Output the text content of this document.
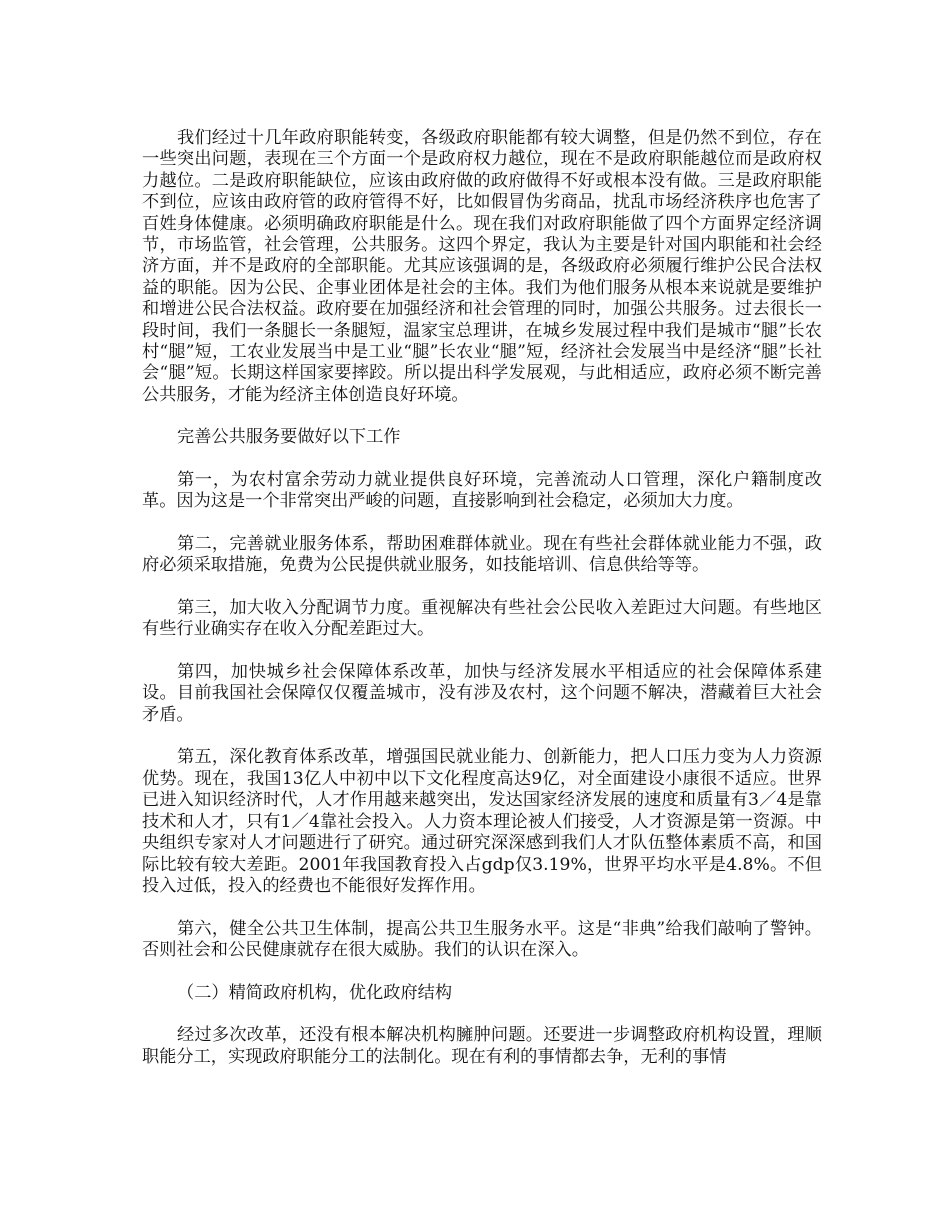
我们经过十几年政府职能转变，各级政府职能都有较大调整，但是仍然不到位，存在一些突出问题，表现在三个方面一个是政府权力越位，现在不是政府职能越位而是政府权力越位。二是政府职能缺位，应该由政府做的政府做得不好或根本没有做。三是政府职能不到位，应该由政府管的政府管得不好，比如假冒伪劣商品，扰乱市场经济秩序也危害了百姓身体健康。必须明确政府职能是什么。现在我们对政府职能做了四个方面界定经济调节，市场监管，社会管理，公共服务。这四个界定，我认为主要是针对国内职能和社会经济方面，并不是政府的全部职能。尤其应该强调的是，各级政府必须履行维护公民合法权益的职能。因为公民、企事业团体是社会的主体。我们为他们服务从根本来说就是要维护和增进公民合法权益。政府要在加强经济和社会管理的同时，加强公共服务。过去很长一段时间，我们一条腿长一条腿短，温家宝总理讲，在城乡发展过程中我们是城市“腿”长农村“腿”短，工农业发展当中是工业“腿”长农业“腿”短，经济社会发展当中是经济“腿”长社会“腿”短。长期这样国家要摔跤。所以提出科学发展观，与此相适应，政府必须不断完善公共服务，才能为经济主体创造良好环境。

完善公共服务要做好以下工作

第一，为农村富余劳动力就业提供良好环境，完善流动人口管理，深化户籍制度改革。因为这是一个非常突出严峻的问题，直接影响到社会稳定，必须加大力度。

第二，完善就业服务体系，帮助困难群体就业。现在有些社会群体就业能力不强，政府必须采取措施，免费为公民提供就业服务，如技能培训、信息供给等等。

第三，加大收入分配调节力度。重视解决有些社会公民收入差距过大问题。有些地区有些行业确实存在收入分配差距过大。

第四，加快城乡社会保障体系改革，加快与经济发展水平相适应的社会保障体系建设。目前我国社会保障仅仅覆盖城市，没有涉及农村，这个问题不解决，潜藏着巨大社会矛盾。

第五，深化教育体系改革，增强国民就业能力、创新能力，把人口压力变为人力资源优势。现在，我国13亿人中初中以下文化程度高达9亿，对全面建设小康很不适应。世界已进入知识经济时代，人才作用越来越突出，发达国家经济发展的速度和质量有3／4是靠技术和人才，只有1／4靠社会投入。人力资本理论被人们接受，人才资源是第一资源。中央组织专家对人才问题进行了研究。通过研究深深感到我们人才队伍整体素质不高，和国际比较有较大差距。2001年我国教育投入占gdp仅3.19%，世界平均水平是4.8%。不但投入过低，投入的经费也不能很好发挥作用。

第六，健全公共卫生体制，提高公共卫生服务水平。这是“非典”给我们敲响了警钟。否则社会和公民健康就存在很大威胁。我们的认识在深入。

（二）精简政府机构，优化政府结构

经过多次改革，还没有根本解决机构臃肿问题。还要进一步调整政府机构设置，理顺职能分工，实现政府职能分工的法制化。现在有利的事情都去争，无利的事情
